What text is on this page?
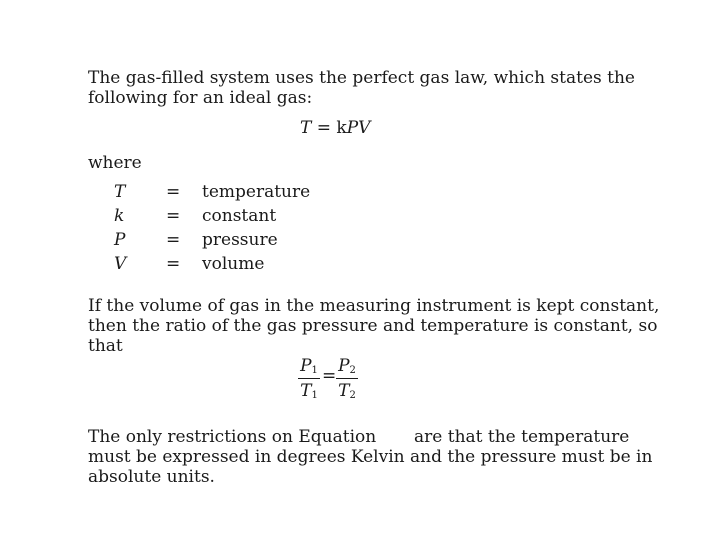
The gas-filled system uses the perfect gas law, which states the following for an ideal gas:

T = kPV

where

T = temperature
k = constant
P = pressure
V = volume

If the volume of gas in the measuring instrument is kept constant, then the ratio of the gas pressure and temperature is constant, so that

$P_1$
$T_1$
= $P_2$
$T_2$

The only restrictions on Equation       are that the temperature must be expressed in degrees Kelvin and the pressure must be in absolute units.
